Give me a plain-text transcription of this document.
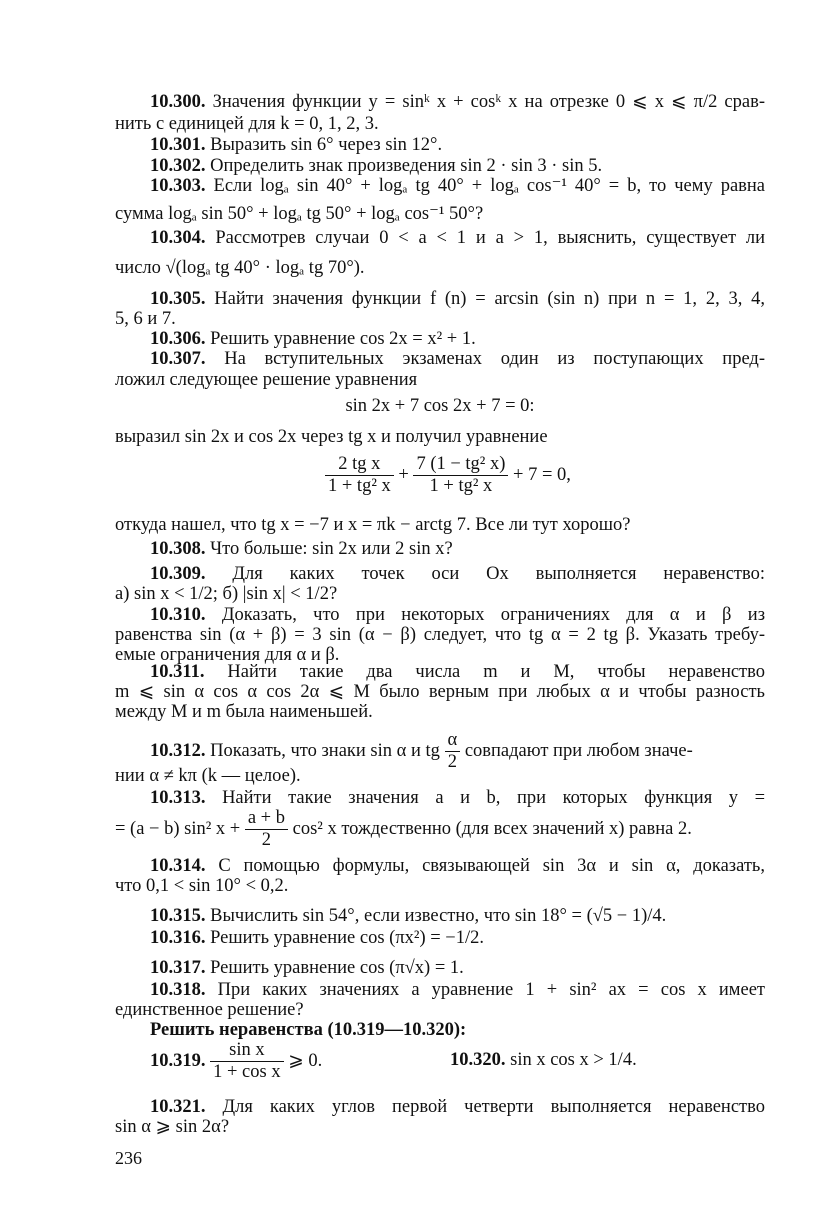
10.300. Значения функции y = sinᵏ x + cosᵏ x на отрезке 0 ⩽ x ⩽ π/2 срав-
нить с единицей для k = 0, 1, 2, 3.
10.301. Выразить sin 6° через sin 12°.
10.302. Определить знак произведения sin 2 · sin 3 · sin 5.
10.303. Если logₐ sin 40° + logₐ tg 40° + logₐ cos⁻¹ 40° = b, то чему равна
сумма logₐ sin 50° + logₐ tg 50° + logₐ cos⁻¹ 50°?
10.304. Рассмотрев случаи 0 < a < 1 и a > 1, выяснить, существует ли
число √(logₐ tg 40° · logₐ tg 70°).
10.305. Найти значения функции f (n) = arcsin (sin n) при n = 1, 2, 3, 4,
5, 6 и 7.
10.306. Решить уравнение cos 2x = x² + 1.
10.307. На вступительных экзаменах один из поступающих пред-
ложил следующее решение уравнения
sin 2x + 7 cos 2x + 7 = 0:
выразил sin 2x и cos 2x через tg x и получил уравнение
$\frac{\text{2 tg x}}{\text{1 + tg² x}} + \frac{\text{7 (1 − tg² x)}}{\text{1 + tg² x}} + 7 = 0$,
откуда нашел, что tg x = −7 и x = πk − arctg 7. Все ли тут хорошо?
10.308. Что больше: sin 2x или 2 sin x?
10.309. Для каких точек оси Ox выполняется неравенство:
а) sin x < 1/2; б) |sin x| < 1/2?
10.310. Доказать, что при некоторых ограничениях для α и β из
равенства sin (α + β) = 3 sin (α − β) следует, что tg α = 2 tg β. Указать требу-
емые ограничения для α и β.
10.311. Найти такие два числа m и M, чтобы неравенство
m ⩽ sin α cos α cos 2α ⩽ M было верным при любых α и чтобы разность
между M и m была наименьшей.
10.312. Показать, что знаки sin α и tg $\frac{\alpha}{2}$ совпадают при любом значе-
нии α ≠ kπ (k — целое).
10.313. Найти такие значения a и b, при которых функция y =
= (a − b) sin² $x + \frac{a + b}{2} \cos^2$ x тождественно (для всех значений x) равна 2.
10.314. С помощью формулы, связывающей sin 3α и sin α, доказать,
что 0,1 < sin 10° < 0,2.
10.315. Вычислить sin 54°, если известно, что sin 18° = (√5 − 1)/4.
10.316. Решить уравнение cos (πx²) = −1/2.
10.317. Решить уравнение cos (π√x) = 1.
10.318. При каких значениях a уравнение 1 + sin² ax = cos x имеет
единственное решение?
Решить неравенства (10.319—10.320):
10.319. $\frac{\text{sin x}}{\text{1 + cos x}}$ ⩾ 0.	10.320. sin x cos x > 1/4.
10.321. Для каких углов первой четверти выполняется неравенство
sin α ⩾ sin 2α?
236
